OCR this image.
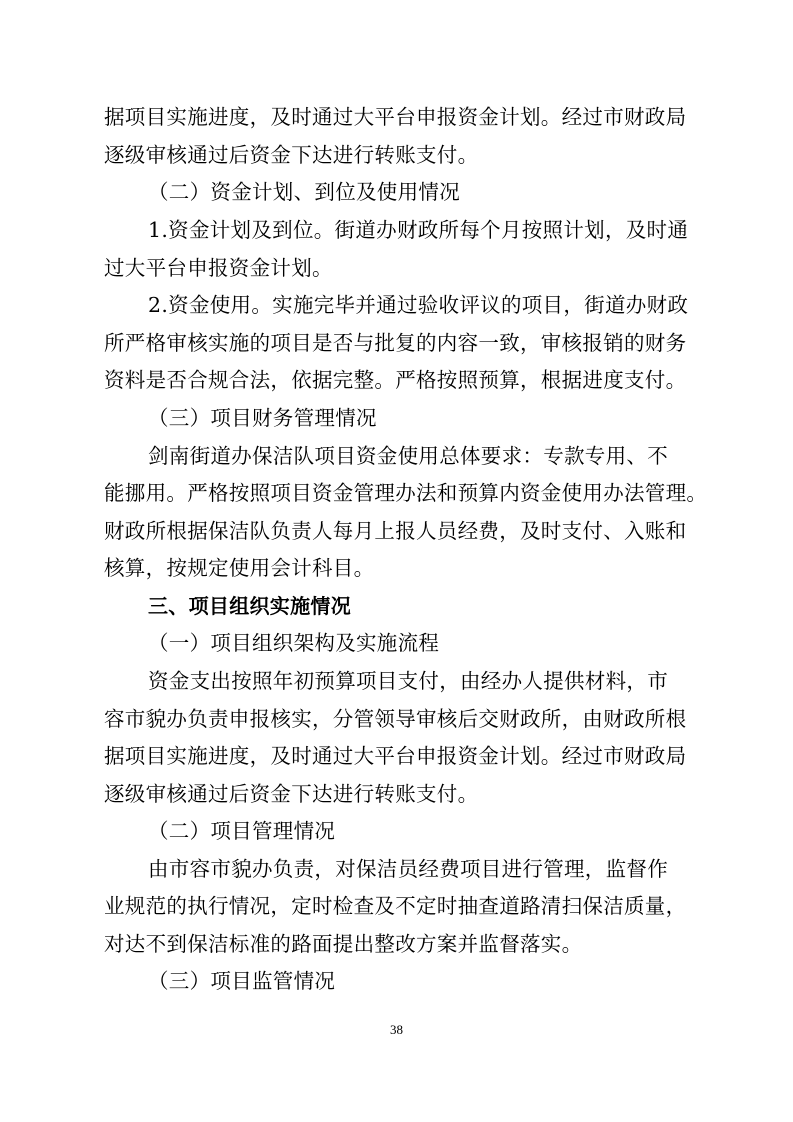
据项目实施进度，及时通过大平台申报资金计划。经过市财政局
逐级审核通过后资金下达进行转账支付。
（二）资金计划、到位及使用情况
1.资金计划及到位。街道办财政所每个月按照计划，及时通
过大平台申报资金计划。
2.资金使用。实施完毕并通过验收评议的项目，街道办财政
所严格审核实施的项目是否与批复的内容一致，审核报销的财务
资料是否合规合法，依据完整。严格按照预算，根据进度支付。
（三）项目财务管理情况
剑南街道办保洁队项目资金使用总体要求：专款专用、不
能挪用。严格按照项目资金管理办法和预算内资金使用办法管理。
财政所根据保洁队负责人每月上报人员经费，及时支付、入账和
核算，按规定使用会计科目。
三、项目组织实施情况
（一）项目组织架构及实施流程
资金支出按照年初预算项目支付，由经办人提供材料，市
容市貌办负责申报核实，分管领导审核后交财政所，由财政所根
据项目实施进度，及时通过大平台申报资金计划。经过市财政局
逐级审核通过后资金下达进行转账支付。
（二）项目管理情况
由市容市貌办负责，对保洁员经费项目进行管理，监督作
业规范的执行情况，定时检查及不定时抽查道路清扫保洁质量，
对达不到保洁标准的路面提出整改方案并监督落实。
（三）项目监管情况
38
